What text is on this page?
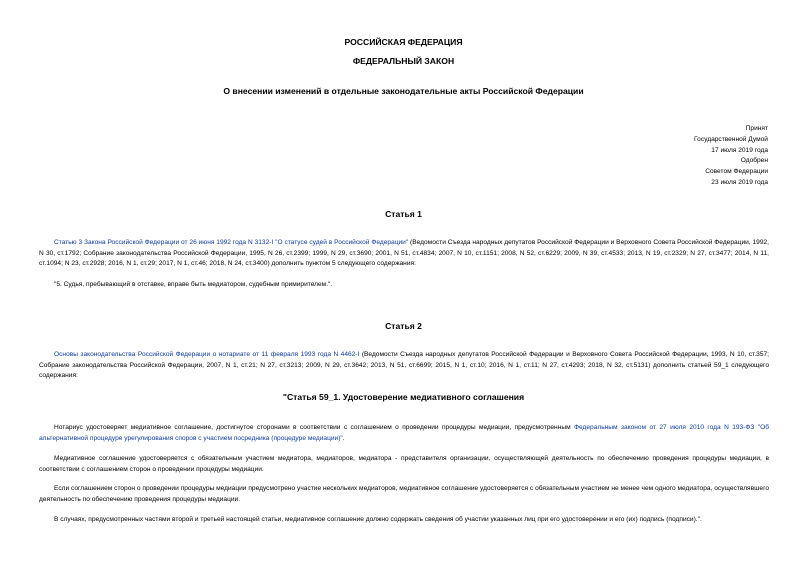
РОССИЙСКАЯ ФЕДЕРАЦИЯ
ФЕДЕРАЛЬНЫЙ ЗАКОН
О внесении изменений в отдельные законодательные акты Российской Федерации
Принят
Государственной Думой
17 июля 2019 года
Одобрен
Советом Федерации
23 июля 2019 года
Статья 1
Статью 3 Закона Российской Федерации от 26 июня 1992 года N 3132-I "О статусе судей в Российской Федерации" (Ведомости Съезда народных депутатов Российской Федерации и Верховного Совета Российской Федерации, 1992, N 30, ст.1792; Собрание законодательства Российской Федерации, 1995, N 26, ст.2399; 1999, N 29, ст.3690; 2001, N 51, ст.4834; 2007, N 10, ст.1151; 2008, N 52, ст.6229; 2009, N 39, ст.4533; 2013, N 19, ст.2329; N 27, ст.3477; 2014, N 11, ст.1094; N 23, ст.2928; 2016, N 1, ст.29; 2017, N 1, ст.46; 2018, N 24, ст.3400) дополнить пунктом 5 следующего содержания:
"5. Судья, пребывающий в отставке, вправе быть медиатором, судебным примирителем.".
Статья 2
Основы законодательства Российской Федерации о нотариате от 11 февраля 1993 года N 4462-I (Ведомости Съезда народных депутатов Российской Федерации и Верховного Совета Российской Федерации, 1993, N 10, ст.357; Собрание законодательства Российской Федерации, 2007, N 1, ст.21; N 27, ст.3213; 2009, N 29, ст.3642; 2013, N 51, ст.6699; 2015, N 1, ст.10; 2016, N 1, ст.11; N 27, ст.4293; 2018, N 32, ст.5131) дополнить статьей 59_1 следующего содержания:
"Статья 59_1. Удостоверение медиативного соглашения
Нотариус удостоверяет медиативное соглашение, достигнутое сторонами в соответствии с соглашением о проведении процедуры медиации, предусмотренным Федеральным законом от 27 июля 2010 года N 193-ФЗ "Об альтернативной процедуре урегулирования споров с участием посредника (процедуре медиации)".
Медиативное соглашение удостоверяется с обязательным участием медиатора, медиаторов, медиатора - представителя организации, осуществляющей деятельность по обеспечению проведения процедуры медиации, в соответствии с соглашением сторон о проведении процедуры медиации.
Если соглашением сторон о проведении процедуры медиации предусмотрено участие нескольких медиаторов, медиативное соглашение удостоверяется с обязательным участием не менее чем одного медиатора, осуществлявшего деятельность по обеспечению проведения процедуры медиации.
В случаях, предусмотренных частями второй и третьей настоящей статьи, медиативное соглашение должно содержать сведения об участии указанных лиц при его удостоверении и его (их) подпись (подписи).".
